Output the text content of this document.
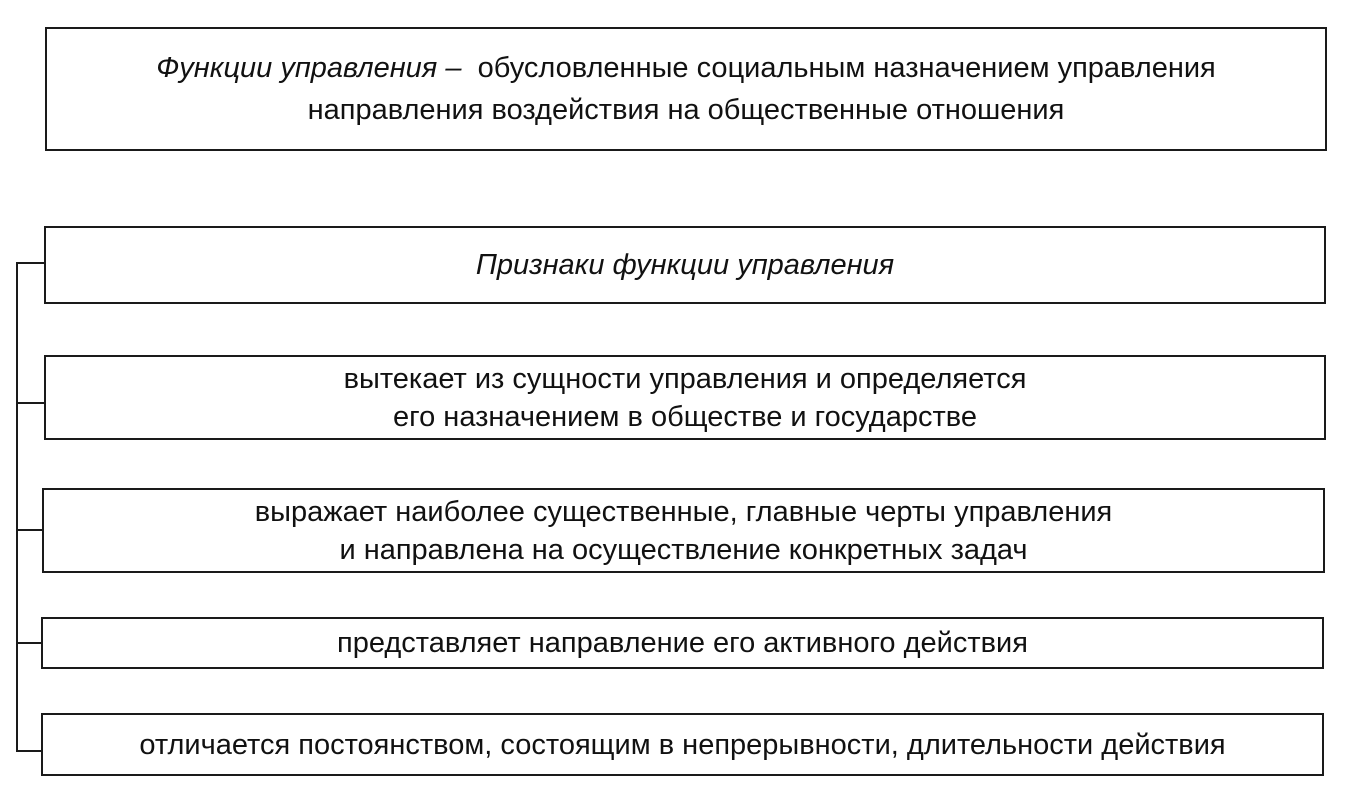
Функции управления – обусловленные социальным назначением управления
направления воздействия на общественные отношения
Признаки функции управления
вытекает из сущности управления и определяется
его назначением в обществе и государстве
выражает наиболее существенные, главные черты управления
и направлена на осуществление конкретных задач
представляет направление его активного действия
отличается постоянством, состоящим в непрерывности, длительности действия
